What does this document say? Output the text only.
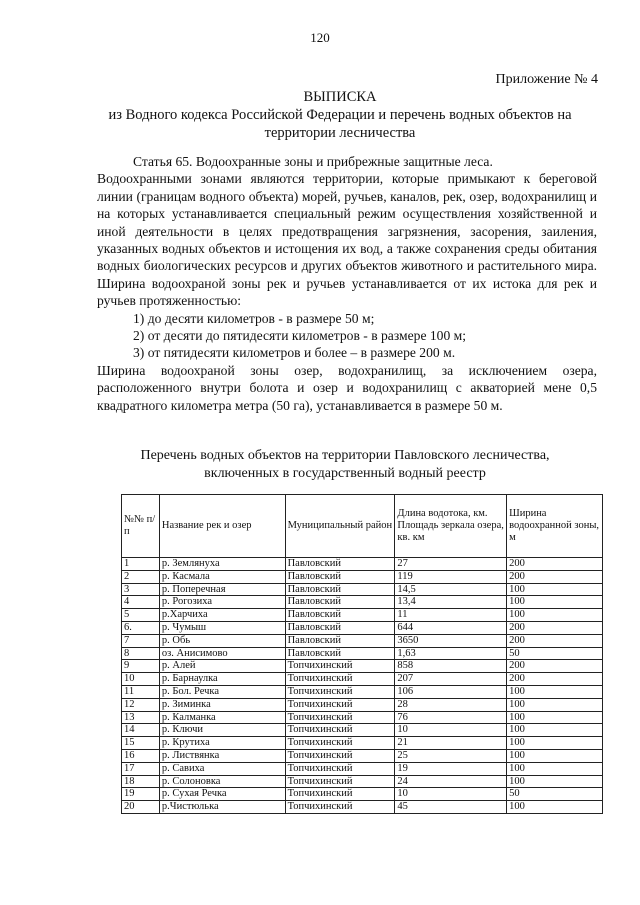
120
Приложение № 4
ВЫПИСКА
из Водного кодекса Российской Федерации и перечень водных объектов на
территории лесничества

Статья 65. Водоохранные зоны и прибрежные защитные леса.

Водоохранными зонами являются территории, которые примыкают к береговой линии (границам водного объекта) морей, ручьев, каналов, рек, озер, водохранилищ и на которых устанавливается специальный режим осуществления хозяйственной и иной деятельности в целях предотвращения загрязнения, засорения, заиления, указанных водных объектов и истощения их вод, а также сохранения среды обитания водных биологических ресурсов и других объектов животного и растительного мира. Ширина водоохраной зоны рек и ручьев устанавливается от их истока для рек и ручьев протяженностью:

1) до десяти километров - в размере 50 м;

2) от десяти до пятидесяти километров - в размере 100 м;

3) от пятидесяти километров и более – в размере 200 м.

Ширина водоохраной зоны озер, водохранилищ, за исключением озера, расположенного внутри болота и озер и водохранилищ с акваторией мене 0,5 квадратного километра метра (50 га), устанавливается в размере 50 м.

Перечень водных объектов на территории Павловского лесничества,
включенных в государственный водный реестр
№№ п/п	Название рек и озер	Муниципальный район	Длина водотока, км. Площадь зеркала озера, кв. км	Ширина водоохранной зоны, м
1	р. Землянуха	Павловский	27	200
2	р. Касмала	Павловский	119	200
3	р. Поперечная	Павловский	14,5	100
4	р. Рогозиха	Павловский	13,4	100
5	р.Харчиха	Павловский	11	100
6.	р. Чумыш	Павловский	644	200
7	р. Обь	Павловский	3650	200
8	оз. Анисимово	Павловский	1,63	50
9	р. Алей	Топчихинский	858	200
10	р. Барнаулка	Топчихинский	207	200
11	р. Бол. Речка	Топчихинский	106	100
12	р. Зиминка	Топчихинский	28	100
13	р. Калманка	Топчихинский	76	100
14	р. Ключи	Топчихинский	10	100
15	р. Крутиха	Топчихинский	21	100
16	р. Листвянка	Топчихинский	25	100
17	р. Савиха	Топчихинский	19	100
18	р. Солоновка	Топчихинский	24	100
19	р. Сухая Речка	Топчихинский	10	50
20	р.Чистюлька	Топчихинский	45	100
